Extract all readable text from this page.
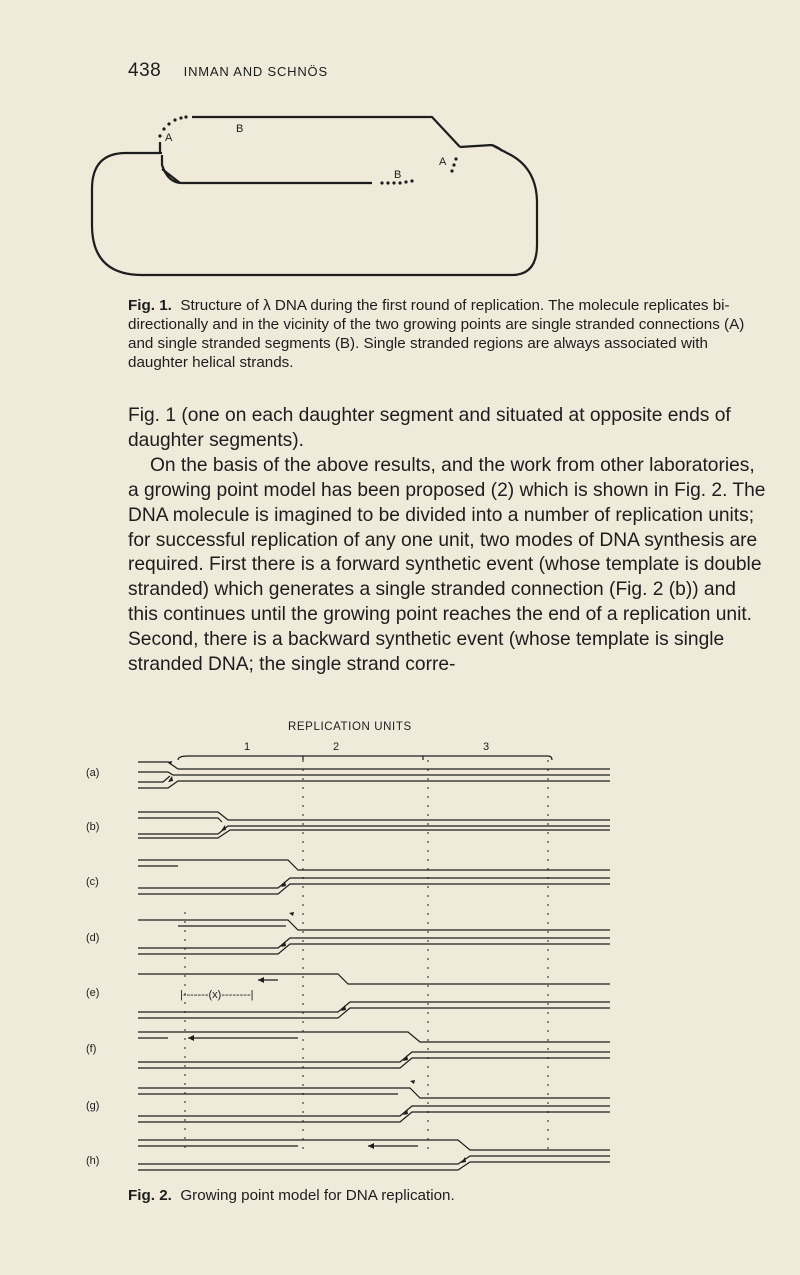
438 INMAN AND SCHNÖS
A
B
A
B
Fig. 1. Structure of λ DNA during the first round of replication. The molecule replicates bi-directionally and in the vicinity of the two growing points are single stranded connections (A) and single stranded segments (B). Single stranded regions are always associated with daughter helical strands.

Fig. 1 (one on each daughter segment and situated at opposite ends of daughter segments).

On the basis of the above results, and the work from other laboratories, a growing point model has been proposed (2) which is shown in Fig. 2. The DNA molecule is imagined to be divided into a number of replication units; for successful replication of any one unit, two modes of DNA synthesis are required. First there is a forward synthetic event (whose template is double stranded) which generates a single stranded connection (Fig. 2 (b)) and this continues until the growing point reaches the end of a replication unit. Second, there is a backward synthetic event (whose template is single stranded DNA; the single strand corre-

REPLICATION UNITS
1	2	3
(a)
(b)
(c)
(d)
(e)
(f)
(g)
(h)
|-------(x)--------|
Fig. 2. Growing point model for DNA replication.
